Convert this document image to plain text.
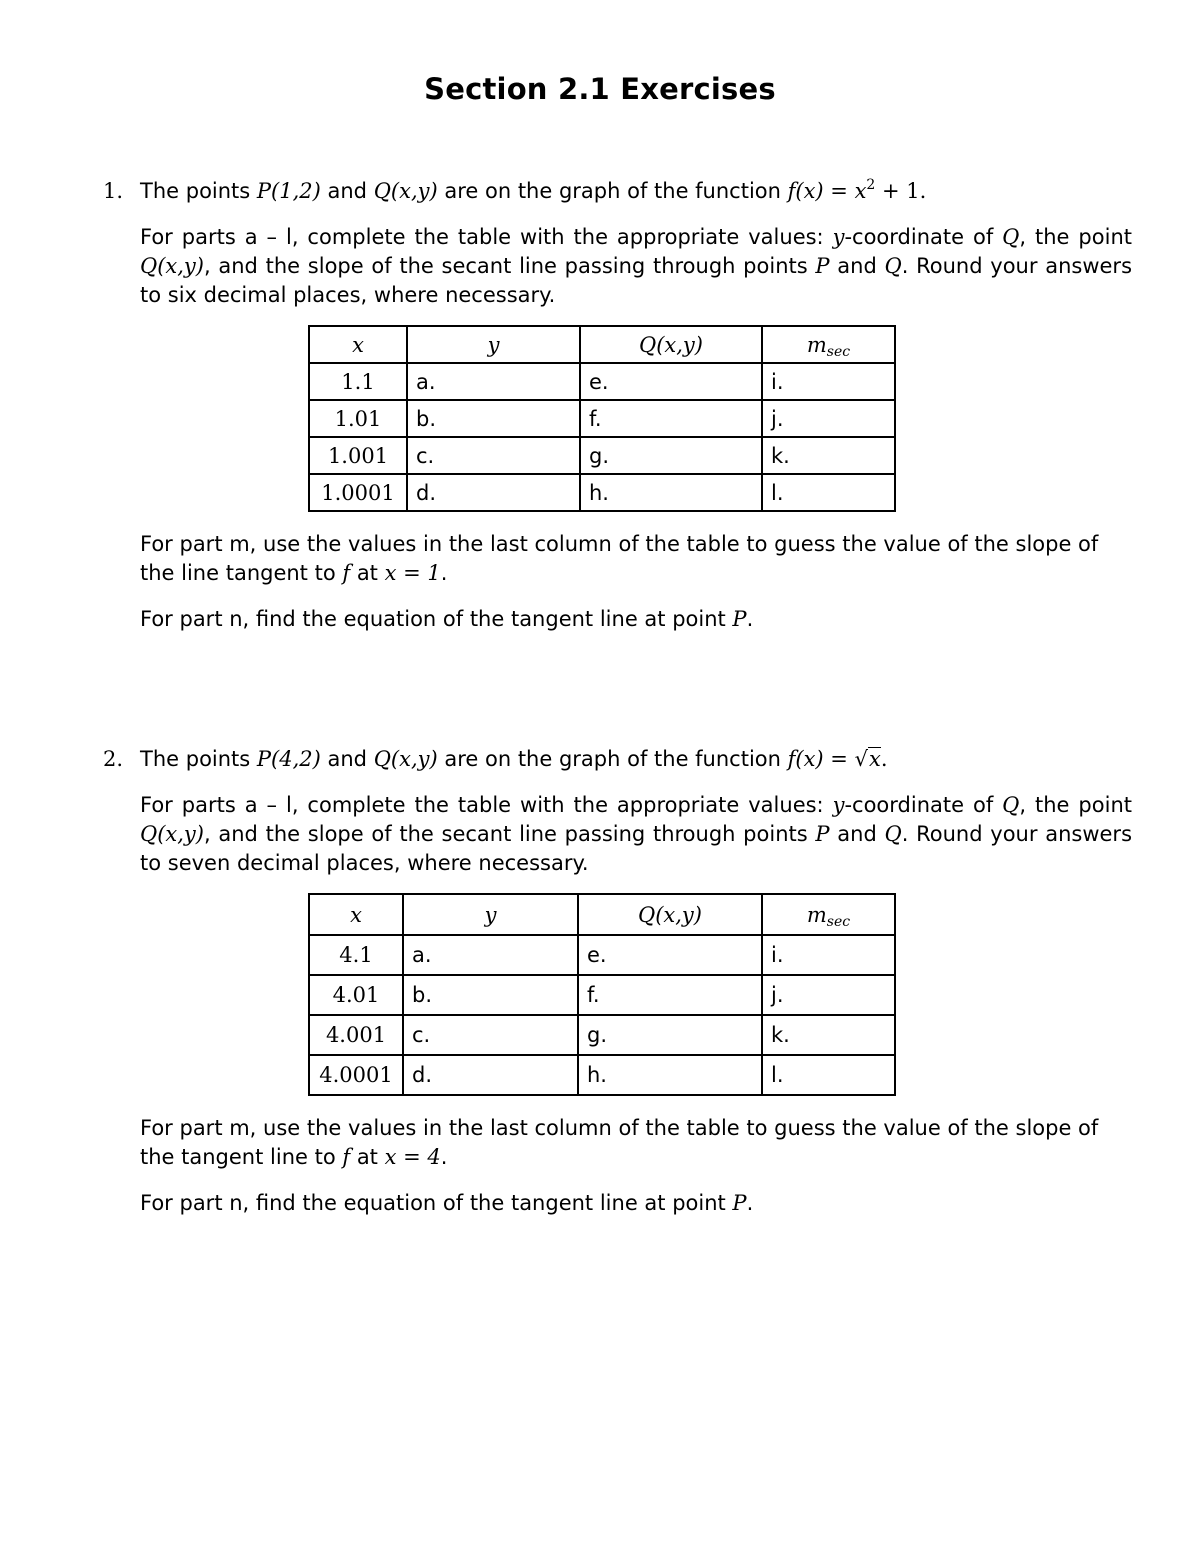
Section 2.1 Exercises
1. The points P(1,2) and Q(x,y) are on the graph of the function $f(x) = x^2 + 1$.
For parts a – l, complete the table with the appropriate values: y-coordinate of Q, the point Q(x,y), and the slope of the secant line passing through points P and Q. Round your answers to six decimal places, where necessary.
x	y	Q(x,y)	msec
1.1	a.	e.	i.
1.01	b.	f.	j.
1.001	c.	g.	k.
1.0001	d.	h.	l.
For part m, use the values in the last column of the table to guess the value of the slope of the line tangent to f at x = 1.
For part n, find the equation of the tangent line at point P.
2. The points P(4,2) and Q(x,y) are on the graph of the function f(x) = √x.
For parts a – l, complete the table with the appropriate values: y-coordinate of Q, the point Q(x,y), and the slope of the secant line passing through points P and Q. Round your answers to seven decimal places, where necessary.
x	y	Q(x,y)	msec
4.1	a.	e.	i.
4.01	b.	f.	j.
4.001	c.	g.	k.
4.0001	d.	h.	l.
For part m, use the values in the last column of the table to guess the value of the slope of the tangent line to f at x = 4.
For part n, find the equation of the tangent line at point P.
